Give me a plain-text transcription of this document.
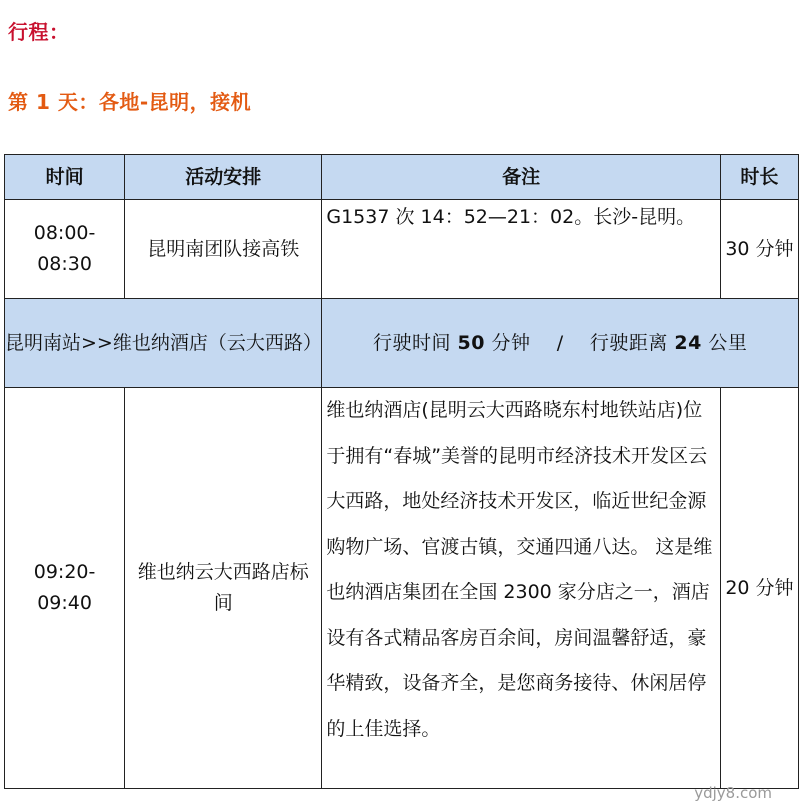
行程：
第 1 天：各地-昆明，接机
时间	活动安排	备注	时长

08:00-
08:30	昆明南团队接高铁	G1537 次 14：52—21：02。长沙-昆明。	30 分钟
昆明南站>>维也纳酒店（云大西路）		行驶时间 50 分钟 / 行驶距离 24 公里	

09:20-
09:40	维也纳云大西路店标间	维也纳酒店(昆明云大西路晓东村地铁站店)位于拥有“春城”美誉的昆明市经济技术开发区云大西路，地处经济技术开发区，临近世纪金源购物广场、官渡古镇，交通四通八达。 这是维也纳酒店集团在全国 2300 家分店之一，酒店设有各式精品客房百余间，房间温馨舒适，豪华精致，设备齐全，是您商务接待、休闲居停的上佳选择。	20 分钟
ydjy8.com
